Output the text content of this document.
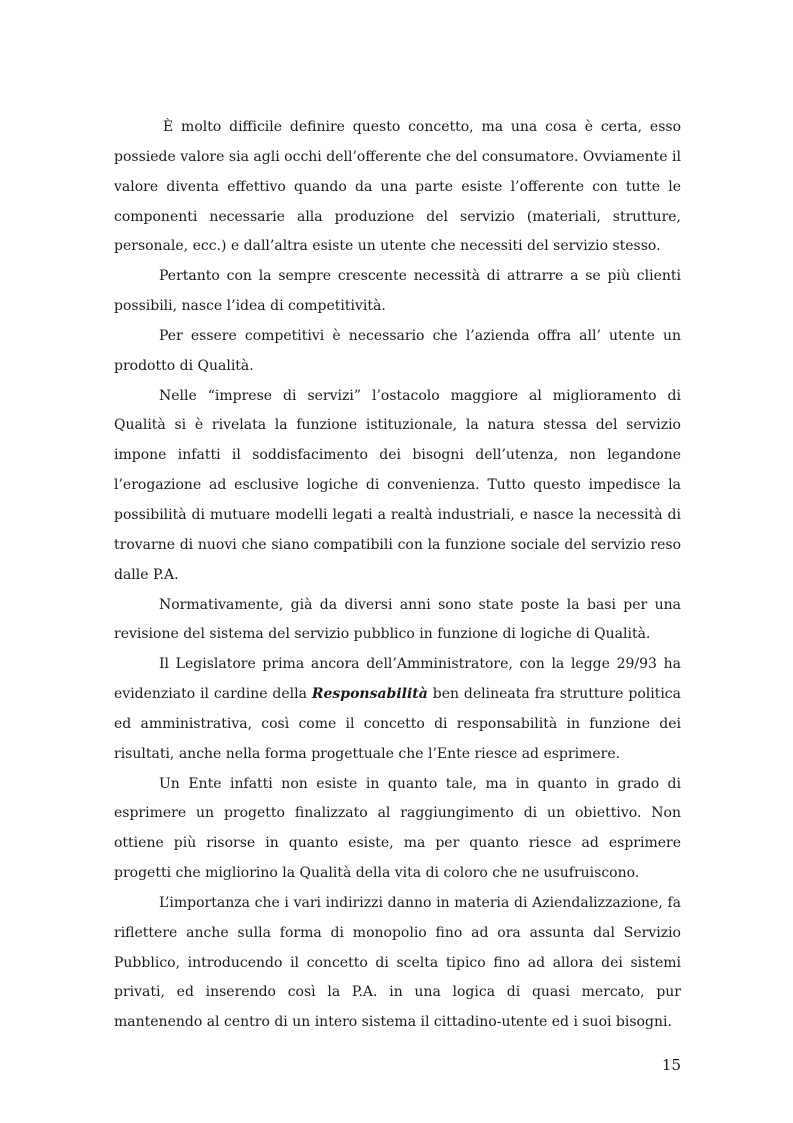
È molto difficile definire questo concetto, ma una cosa è certa, esso possiede valore sia agli occhi dell’offerente che del consumatore. Ovviamente il valore diventa effettivo quando da una parte esiste l’offerente con tutte le componenti necessarie alla produzione del servizio (materiali, strutture, personale, ecc.) e dall’altra esiste un utente che necessiti del servizio stesso.

Pertanto con la sempre crescente necessità di attrarre a se più clienti possibili, nasce l’idea di competitività.

Per essere competitivi è necessario che l’azienda offra all’ utente un prodotto di Qualità.

Nelle “imprese di servizi” l’ostacolo maggiore al miglioramento di Qualità si è rivelata la funzione istituzionale, la natura stessa del servizio impone infatti il soddisfacimento dei bisogni dell’utenza, non legandone l’erogazione ad esclusive logiche di convenienza. Tutto questo impedisce la possibilità di mutuare modelli legati a realtà industriali, e nasce la necessità di trovarne di nuovi che siano compatibili con la funzione sociale del servizio reso dalle P.A.

Normativamente, già da diversi anni sono state poste la basi per una revisione del sistema del servizio pubblico in funzione di logiche di Qualità.

Il Legislatore prima ancora dell’Amministratore, con la legge 29/93 ha evidenziato il cardine della Responsabilità ben delineata fra strutture politica ed amministrativa, così come il concetto di responsabilità in funzione dei risultati, anche nella forma progettuale che l’Ente riesce ad esprimere.

Un Ente infatti non esiste in quanto tale, ma in quanto in grado di esprimere un progetto finalizzato al raggiungimento di un obiettivo. Non ottiene più risorse in quanto esiste, ma per quanto riesce ad esprimere progetti che migliorino la Qualità della vita di coloro che ne usufruiscono.

L’importanza che i vari indirizzi danno in materia di Aziendalizzazione, fa riflettere anche sulla forma di monopolio fino ad ora assunta dal Servizio Pubblico, introducendo il concetto di scelta tipico fino ad allora dei sistemi privati, ed inserendo così la P.A. in una logica di quasi mercato, pur mantenendo al centro di un intero sistema il cittadino-utente ed i suoi bisogni.

15
